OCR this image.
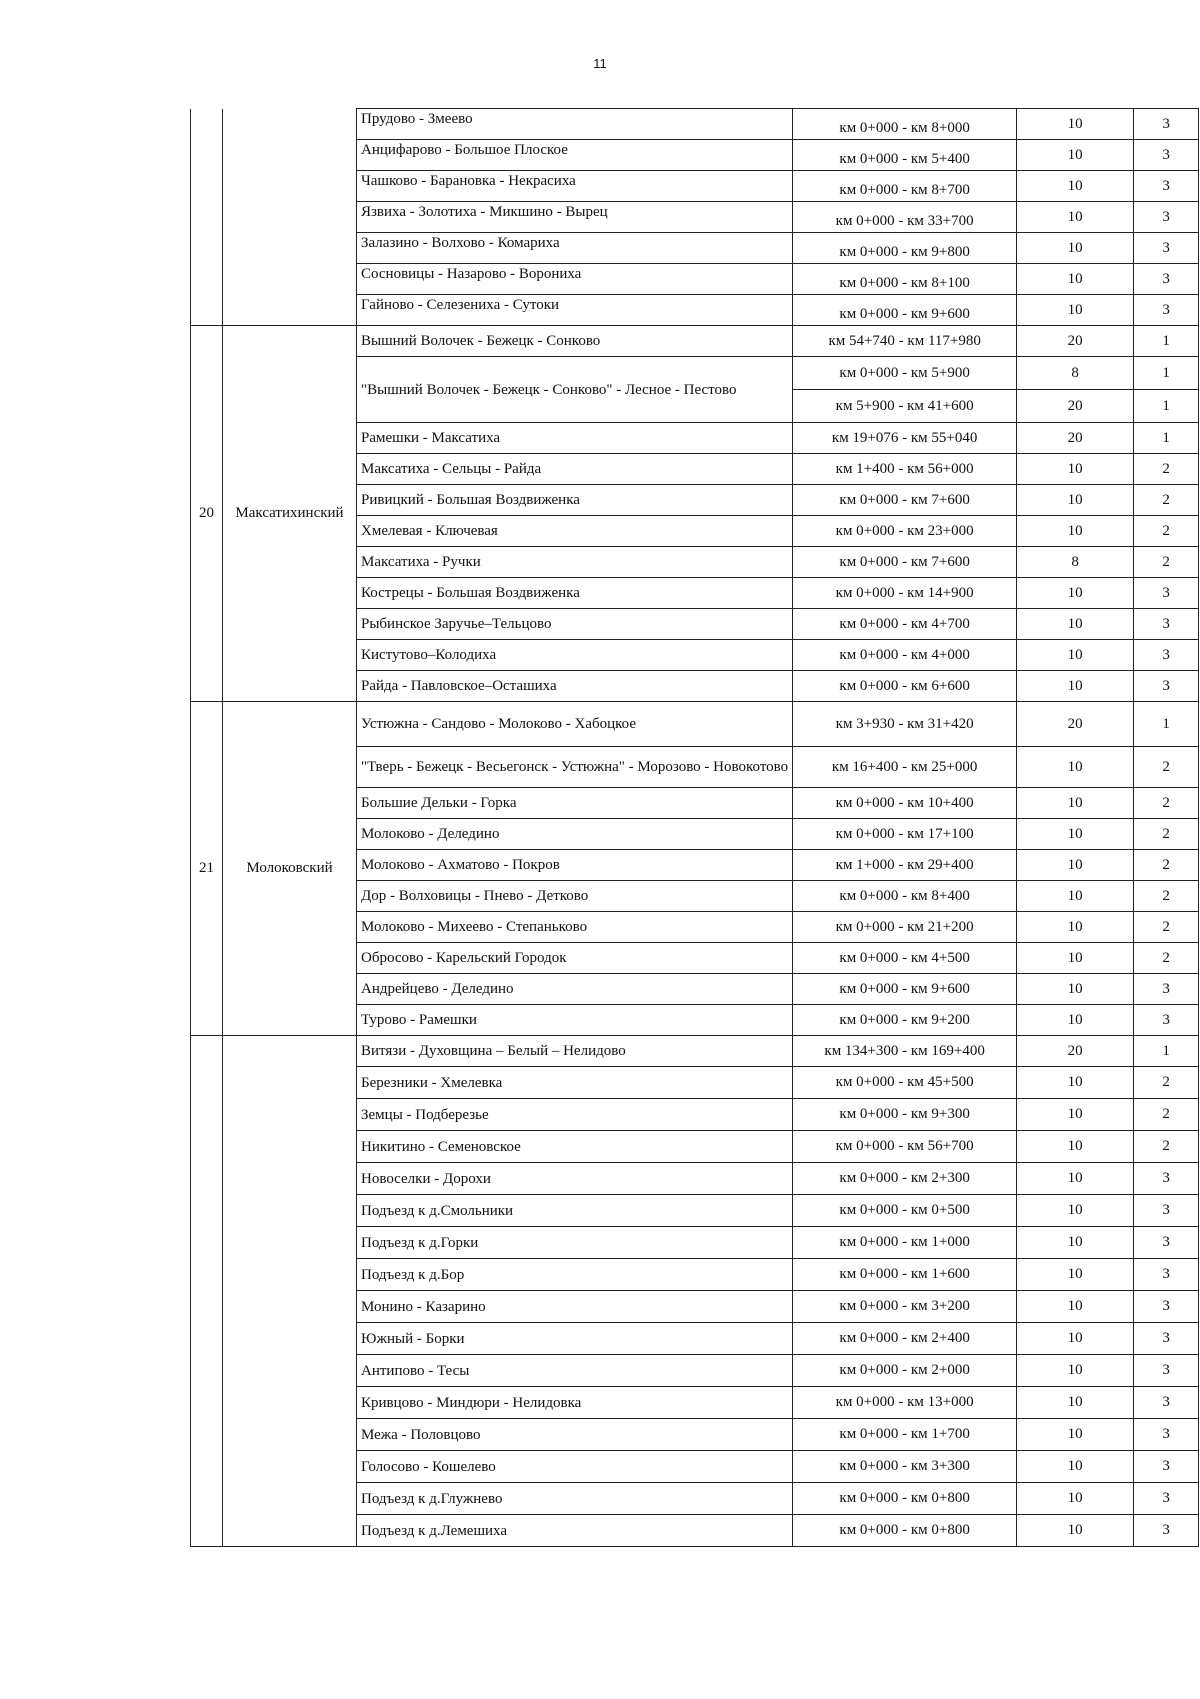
11
		Прудово - Змеево	км 0+000 - км 8+000	10	3
		Анцифарово - Большое Плоское	км 0+000 - км 5+400	10	3
		Чашково - Барановка - Некрасиха	км 0+000 - км 8+700	10	3
		Язвиха - Золотиха - Микшино - Вырец	км 0+000 - км 33+700	10	3
		Залазино - Волхово - Комариха	км 0+000 - км 9+800	10	3
		Сосновицы - Назарово - Ворониха	км 0+000 - км 8+100	10	3
		Гайново - Селезениха - Сутоки	км 0+000 - км 9+600	10	3
20	Максатихинский	Вышний Волочек - Бежецк - Сонково	км 54+740 - км 117+980	20	1
		"Вышний Волочек - Бежецк - Сонково" - Лесное - Пестово	км 0+000 - км 5+900	8	1
			км 5+900 - км 41+600	20	1
		Рамешки - Максатиха	км 19+076 - км 55+040	20	1
		Максатиха - Сельцы - Райда	км 1+400 - км 56+000	10	2
		Ривицкий - Большая Воздвиженка	км 0+000 - км 7+600	10	2
		Хмелевая - Ключевая	км 0+000 - км 23+000	10	2
		Максатиха - Ручки	км 0+000 - км 7+600	8	2
		Кострецы - Большая Воздвиженка	км 0+000 - км 14+900	10	3
		Рыбинское Заручье–Тельцово	км 0+000 - км 4+700	10	3
		Кистутово–Колодиха	км 0+000 - км 4+000	10	3
		Райда - Павловское–Осташиха	км 0+000 - км 6+600	10	3
21	Молоковский	Устюжна - Сандово - Молоково - Хабоцкое	км 3+930 - км 31+420	20	1
		"Тверь - Бежецк - Весьегонск - Устюжна" - Морозово - Новокотово	км 16+400 - км 25+000	10	2
		Большие Дельки - Горка	км 0+000 - км 10+400	10	2
		Молоково - Деледино	км 0+000 - км 17+100	10	2
		Молоково - Ахматово - Покров	км 1+000 - км 29+400	10	2
		Дор - Волховицы - Пнево - Детково	км 0+000 - км 8+400	10	2
		Молоково - Михеево - Степаньково	км 0+000 - км 21+200	10	2
		Обросово - Карельский Городок	км 0+000 - км 4+500	10	2
		Андрейцево - Деледино	км 0+000 - км 9+600	10	3
		Турово - Рамешки	км 0+000 - км 9+200	10	3
		Витязи - Духовщина – Белый – Нелидово	км 134+300 - км 169+400	20	1
		Березники - Хмелевка	км 0+000 - км 45+500	10	2
		Земцы - Подберезье	км 0+000 - км 9+300	10	2
		Никитино - Семеновское	км 0+000 - км 56+700	10	2
		Новоселки - Дорохи	км 0+000 - км 2+300	10	3
		Подъезд к д.Смольники	км 0+000 - км 0+500	10	3
		Подъезд к д.Горки	км 0+000 - км 1+000	10	3
		Подъезд к д.Бор	км 0+000 - км 1+600	10	3
		Монино - Казарино	км 0+000 - км 3+200	10	3
		Южный - Борки	км 0+000 - км 2+400	10	3
		Антипово - Тесы	км 0+000 - км 2+000	10	3
		Кривцово - Миндюри - Нелидовка	км 0+000 - км 13+000	10	3
		Межа - Половцово	км 0+000 - км 1+700	10	3
		Голосово - Кошелево	км 0+000 - км 3+300	10	3
		Подъезд к д.Глужнево	км 0+000 - км 0+800	10	3
		Подъезд к д.Лемешиха	км 0+000 - км 0+800	10	3
